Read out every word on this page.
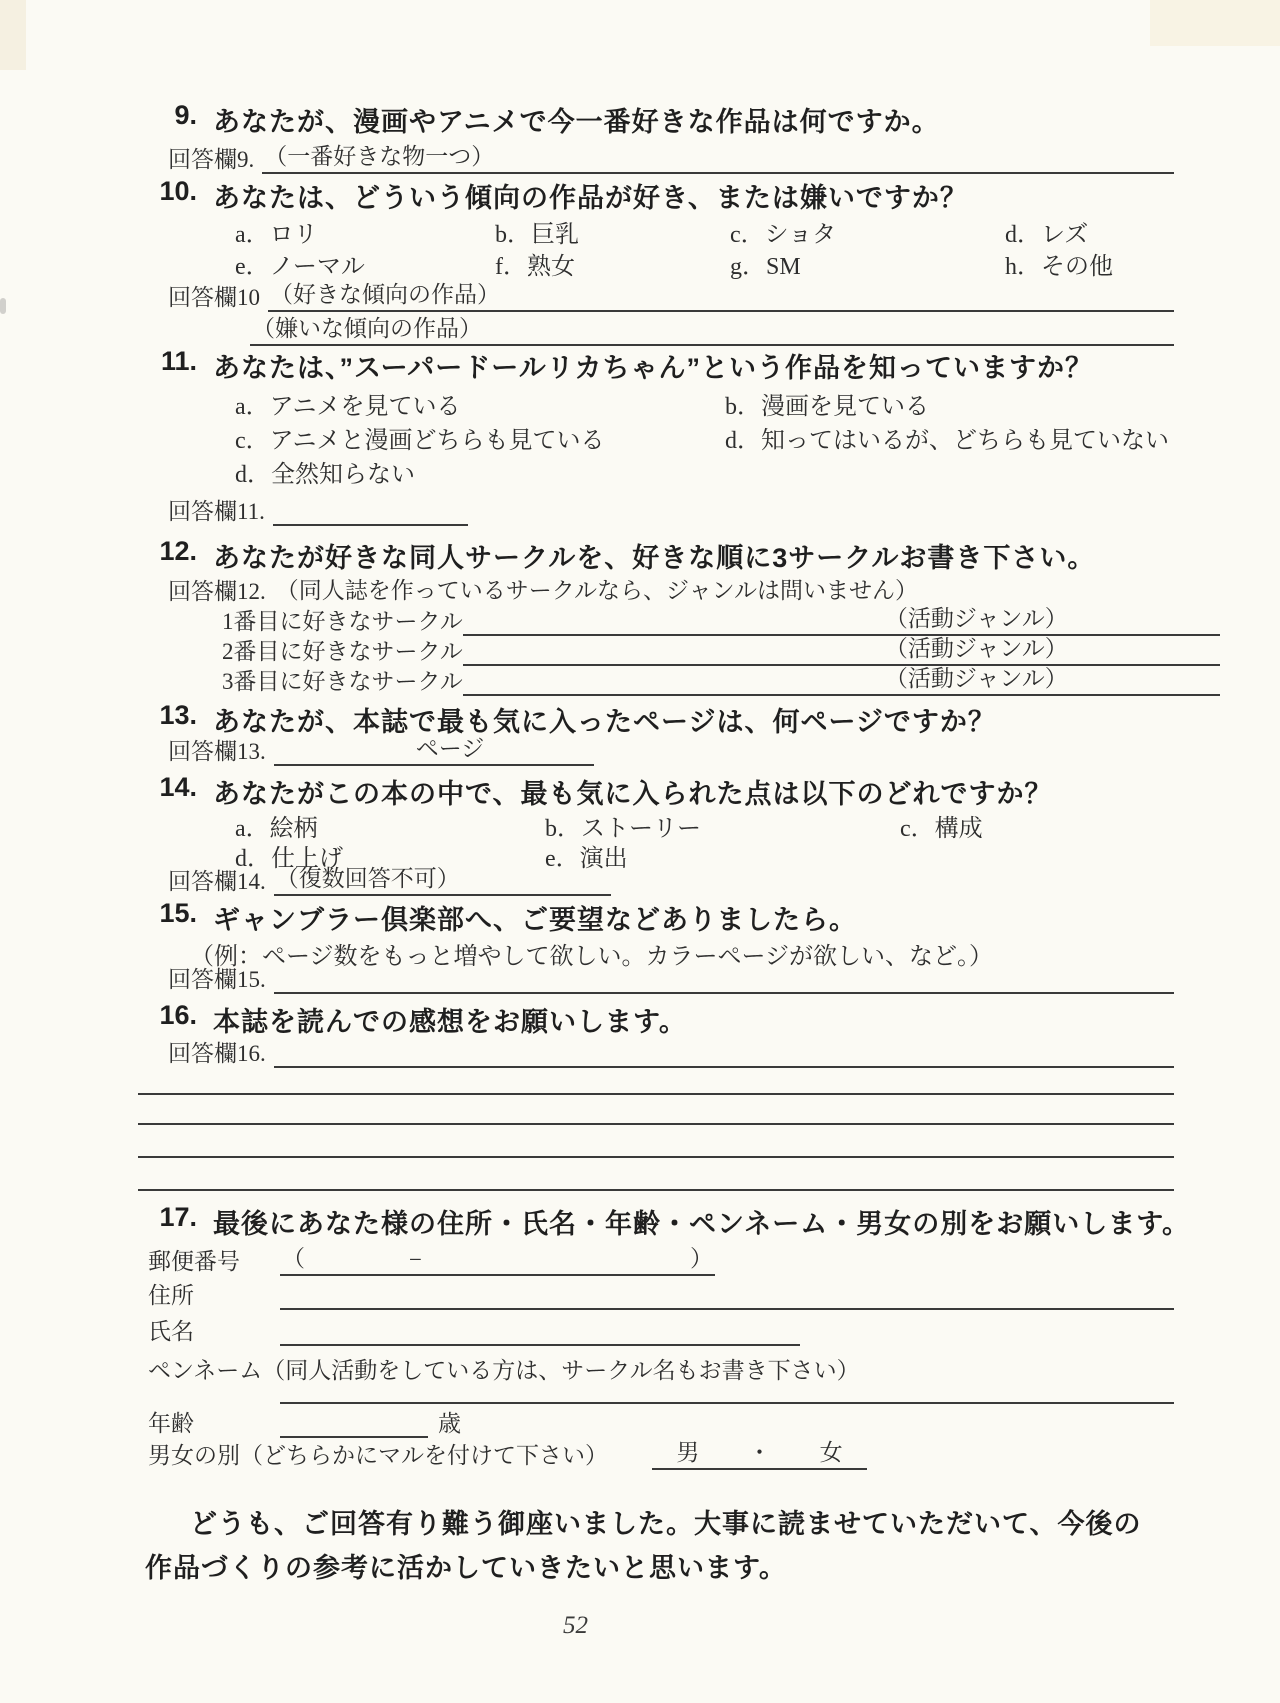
9. あなたが、漫画やアニメで今一番好きな作品は何ですか。
回答欄9. （一番好きな物一つ）
10. あなたは、どういう傾向の作品が好き、または嫌いですか？
a．ロリ	b．巨乳	c．ショタ	d．レズ
e．ノーマル	f．熟女	g．SM	h．その他
回答欄10 （好きな傾向の作品）
（嫌いな傾向の作品）
11. あなたは、”スーパードールリカちゃん”という作品を知っていますか？
a．アニメを見ている	b．漫画を見ている
c．アニメと漫画どちらも見ている	d．知ってはいるが、どちらも見ていない
d．全然知らない
回答欄11.
12. あなたが好きな同人サークルを、好きな順に3サークルお書き下さい。
回答欄12. （同人誌を作っているサークルなら、ジャンルは問いません）
1番目に好きなサークル	（活動ジャンル）
2番目に好きなサークル	（活動ジャンル）
3番目に好きなサークル	（活動ジャンル）
13. あなたが、本誌で最も気に入ったページは、何ページですか？
回答欄13.	ページ
14. あなたがこの本の中で、最も気に入られた点は以下のどれですか？
a．絵柄	b．ストーリー	c．構成
d．仕上げ	e．演出
回答欄14. （復数回答不可）
15. ギャンブラー倶楽部へ、ご要望などありましたら。
（例：ページ数をもっと増やして欲しい。カラーページが欲しい、など。）
回答欄15.
16. 本誌を読んでの感想をお願いします。
回答欄16.
17. 最後にあなた様の住所・氏名・年齢・ペンネーム・男女の別をお願いします。
郵便番号	（	−	）
住所
氏名
ペンネーム（同人活動をしている方は、サークル名もお書き下さい）
年齢	歳
男女の別（どちらかにマルを付けて下さい）	男 ・ 女
どうも、ご回答有り難う御座いました。大事に読ませていただいて、今後の
作品づくりの参考に活かしていきたいと思います。
52
